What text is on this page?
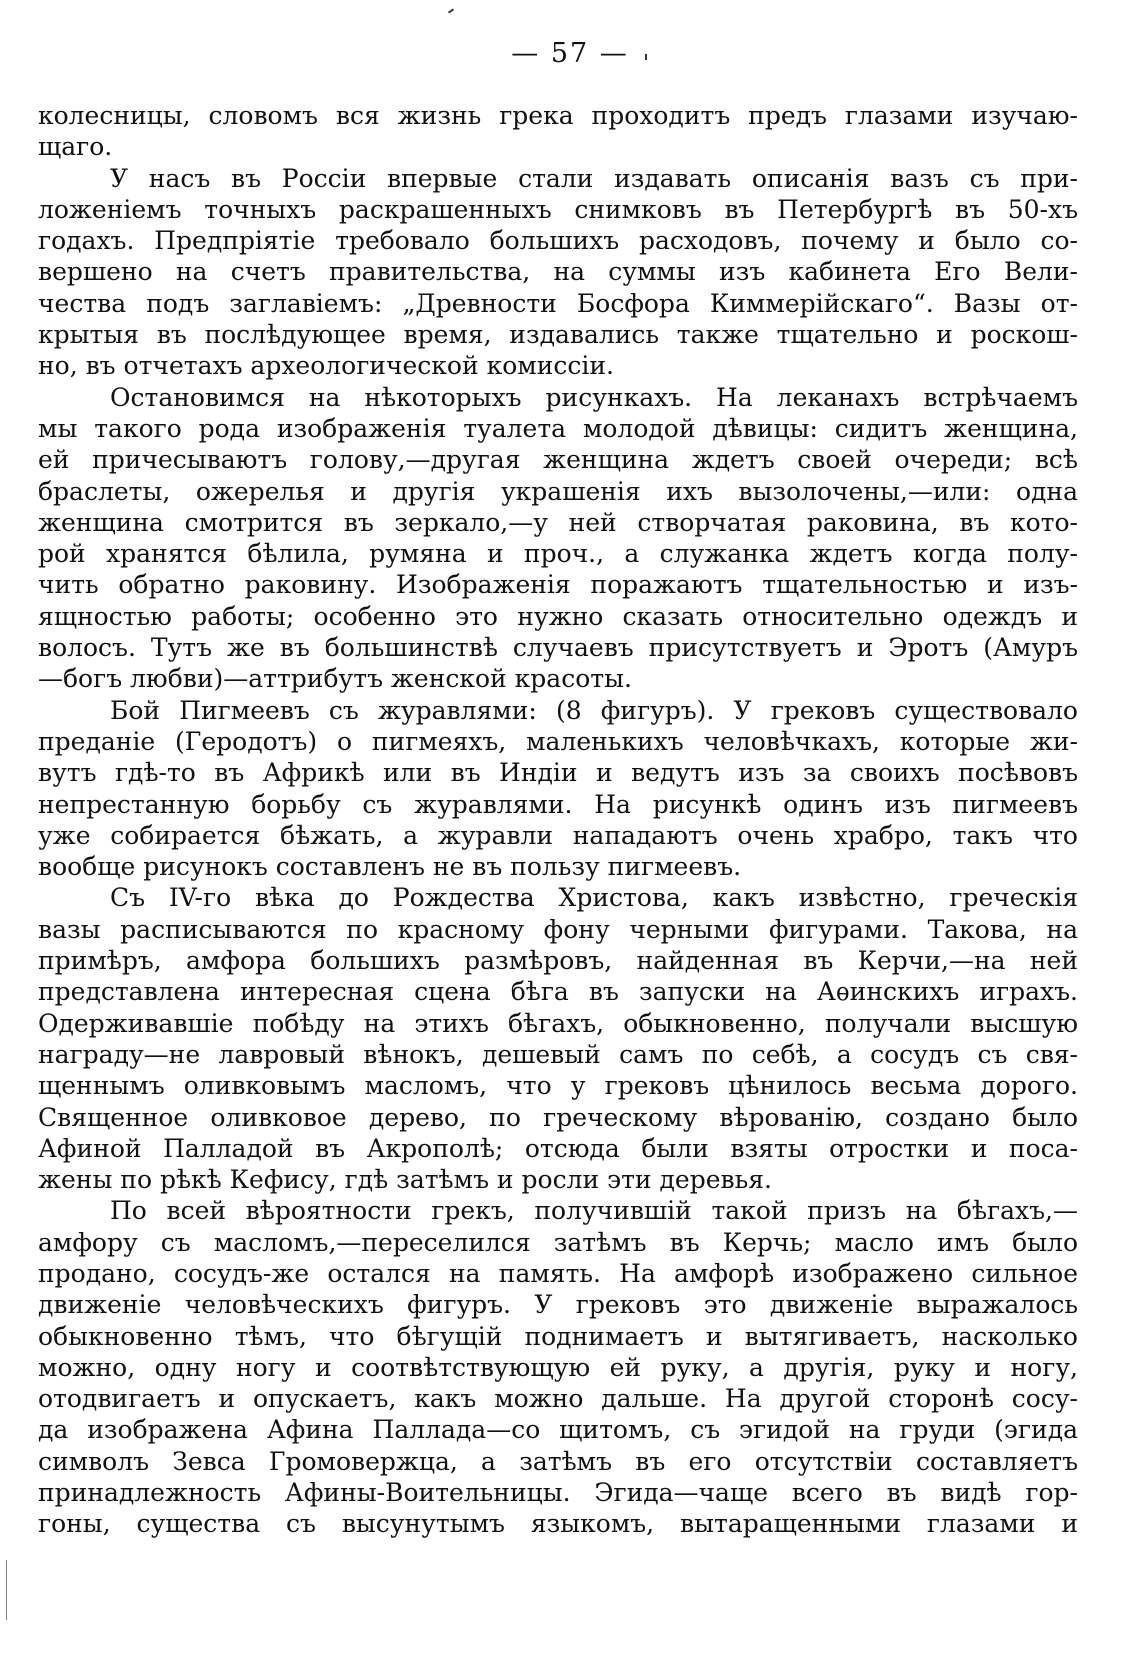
— 57 —
колесницы, словомъ вся жизнь грека проходитъ предъ глазами изучаю-
щаго.
У насъ въ Россіи впервые стали издавать описанія вазъ съ при-
ложеніемъ точныхъ раскрашенныхъ снимковъ въ Петербургѣ въ 50-хъ
годахъ. Предпріятіе требовало большихъ расходовъ, почему и было со-
вершено на счетъ правительства, на суммы изъ кабинета Его Вели-
чества подъ заглавіемъ: „Древности Босфора Киммерійскаго“. Вазы от-
крытыя въ послѣдующее время, издавались также тщательно и роскош-
но, въ отчетахъ археологической комиссіи.
Остановимся на нѣкоторыхъ рисункахъ. На леканахъ встрѣчаемъ
мы такого рода изображенія туалета молодой дѣвицы: сидитъ женщина,
ей причесываютъ голову,—другая женщина ждетъ своей очереди; всѣ
браслеты, ожерелья и другія украшенія ихъ вызолочены,—или: одна
женщина смотрится въ зеркало,—у ней створчатая раковина, въ кото-
рой хранятся бѣлила, румяна и проч., а служанка ждетъ когда полу-
чить обратно раковину. Изображенія поражаютъ тщательностью и изъ-
ящностью работы; особенно это нужно сказать относительно одеждъ и
волосъ. Тутъ же въ большинствѣ случаевъ присутствуетъ и Эротъ (Амуръ
—богъ любви)—аттрибутъ женской красоты.
Бой Пигмеевъ съ журавлями: (8 фигуръ). У грековъ существовало
преданіе (Геродотъ) о пигмеяхъ, маленькихъ человѣчкахъ, которые жи-
вутъ гдѣ-то въ Африкѣ или въ Индіи и ведутъ изъ за своихъ посѣвовъ
непрестанную борьбу съ журавлями. На рисункѣ одинъ изъ пигмеевъ
уже собирается бѣжать, а журавли нападаютъ очень храбро, такъ что
вообще рисунокъ составленъ не въ пользу пигмеевъ.
Съ IV-го вѣка до Рождества Христова, какъ извѣстно, греческія
вазы расписываются по красному фону черными фигурами. Такова, на
примѣръ, амфора большихъ размѣровъ, найденная въ Керчи,—на ней
представлена интересная сцена бѣга въ запуски на Аѳинскихъ играхъ.
Одерживавшіе побѣду на этихъ бѣгахъ, обыкновенно, получали высшую
награду—не лавровый вѣнокъ, дешевый самъ по себѣ, а сосудъ съ свя-
щеннымъ оливковымъ масломъ, что у грековъ цѣнилось весьма дорого.
Священное оливковое дерево, по греческому вѣрованію, создано было
Афиной Палладой въ Акрополѣ; отсюда были взяты отростки и поса-
жены по рѣкѣ Кефису, гдѣ затѣмъ и росли эти деревья.
По всей вѣроятности грекъ, получившій такой призъ на бѣгахъ,—
амфору съ масломъ,—переселился затѣмъ въ Керчь; масло имъ было
продано, сосудъ-же остался на память. На амфорѣ изображено сильное
движеніе человѣческихъ фигуръ. У грековъ это движеніе выражалось
обыкновенно тѣмъ, что бѣгущій поднимаетъ и вытягиваетъ, насколько
можно, одну ногу и соотвѣтствующую ей руку, а другія, руку и ногу,
отодвигаетъ и опускаетъ, какъ можно дальше. На другой сторонѣ сосу-
да изображена Афина Паллада—со щитомъ, съ эгидой на груди (эгида
символъ Зевса Громовержца, а затѣмъ въ его отсутствіи составляетъ
принадлежность Афины-Воительницы. Эгида—чаще всего въ видѣ гор-
гоны, существа съ высунутымъ языкомъ, вытаращенными глазами и
